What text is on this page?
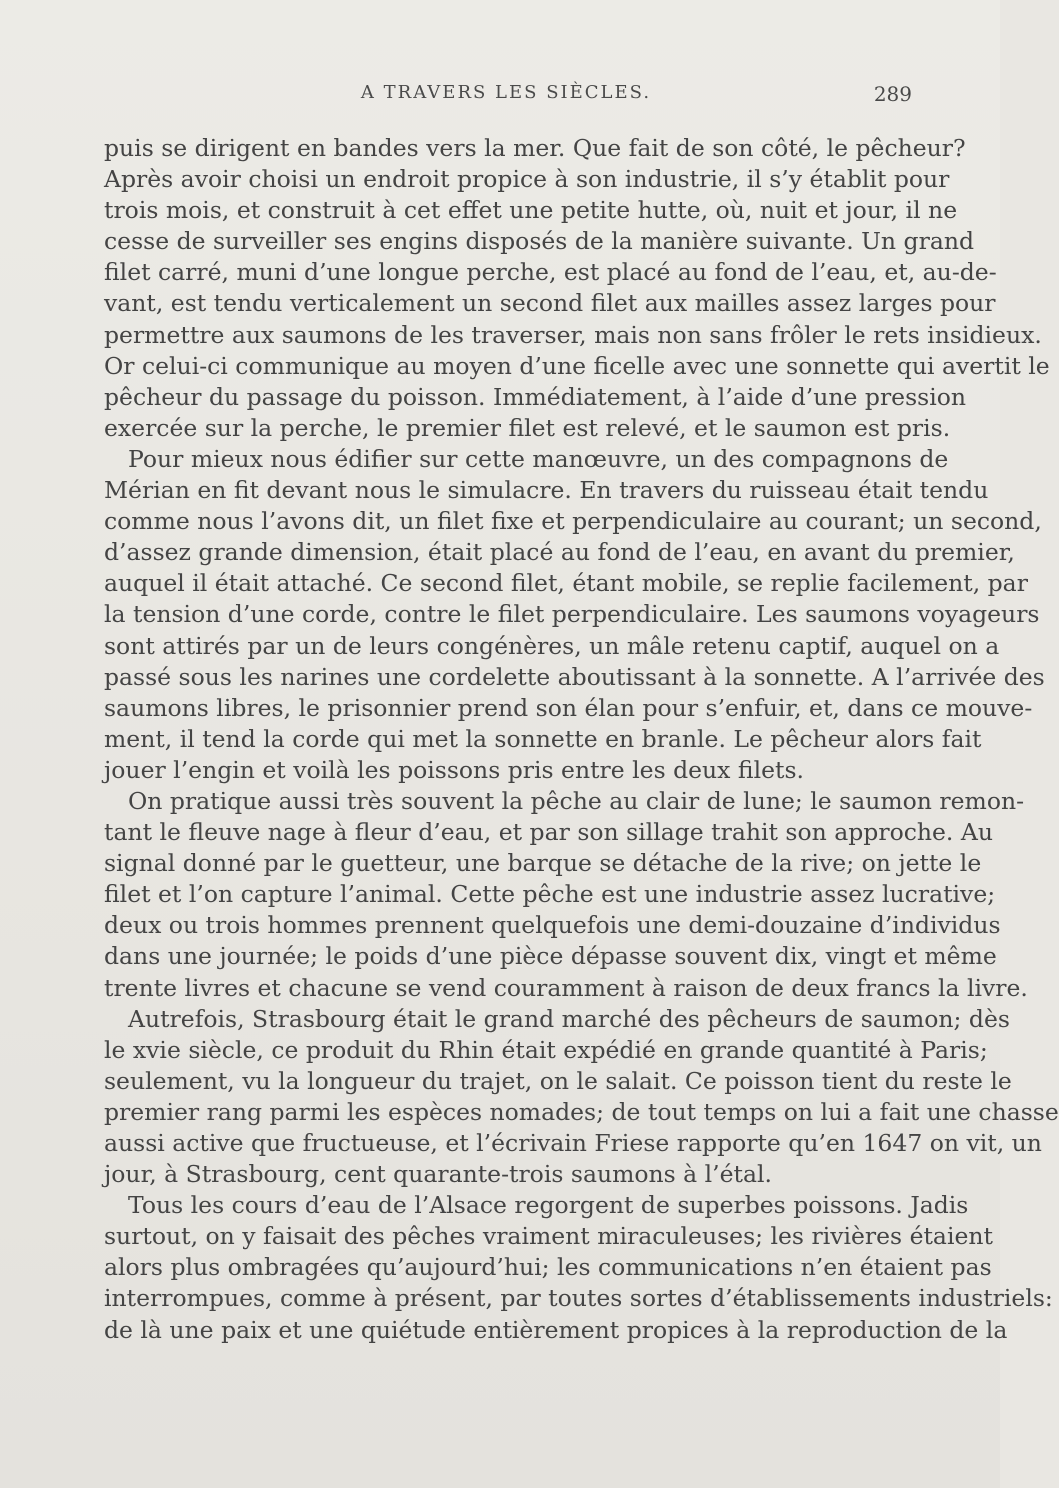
A TRAVERS LES SIÈCLES.	289
puis se dirigent en bandes vers la mer. Que fait de son côté, le pêcheur?
Après avoir choisi un endroit propice à son industrie, il s’y établit pour
trois mois, et construit à cet effet une petite hutte, où, nuit et jour, il ne
cesse de surveiller ses engins disposés de la manière suivante. Un grand
filet carré, muni d’une longue perche, est placé au fond de l’eau, et, au-de-
vant, est tendu verticalement un second filet aux mailles assez larges pour
permettre aux saumons de les traverser, mais non sans frôler le rets insidieux.
Or celui-ci communique au moyen d’une ficelle avec une sonnette qui avertit le
pêcheur du passage du poisson. Immédiatement, à l’aide d’une pression
exercée sur la perche, le premier filet est relevé, et le saumon est pris.
Pour mieux nous édifier sur cette manœuvre, un des compagnons de
Mérian en fit devant nous le simulacre. En travers du ruisseau était tendu
comme nous l’avons dit, un filet fixe et perpendiculaire au courant; un second,
d’assez grande dimension, était placé au fond de l’eau, en avant du premier,
auquel il était attaché. Ce second filet, étant mobile, se replie facilement, par
la tension d’une corde, contre le filet perpendiculaire. Les saumons voyageurs
sont attirés par un de leurs congénères, un mâle retenu captif, auquel on a
passé sous les narines une cordelette aboutissant à la sonnette. A l’arrivée des
saumons libres, le prisonnier prend son élan pour s’enfuir, et, dans ce mouve-
ment, il tend la corde qui met la sonnette en branle. Le pêcheur alors fait
jouer l’engin et voilà les poissons pris entre les deux filets.
On pratique aussi très souvent la pêche au clair de lune; le saumon remon-
tant le fleuve nage à fleur d’eau, et par son sillage trahit son approche. Au
signal donné par le guetteur, une barque se détache de la rive; on jette le
filet et l’on capture l’animal. Cette pêche est une industrie assez lucrative;
deux ou trois hommes prennent quelquefois une demi-douzaine d’individus
dans une journée; le poids d’une pièce dépasse souvent dix, vingt et même
trente livres et chacune se vend couramment à raison de deux francs la livre.
Autrefois, Strasbourg était le grand marché des pêcheurs de saumon; dès
le xvie siècle, ce produit du Rhin était expédié en grande quantité à Paris;
seulement, vu la longueur du trajet, on le salait. Ce poisson tient du reste le
premier rang parmi les espèces nomades; de tout temps on lui a fait une chasse
aussi active que fructueuse, et l’écrivain Friese rapporte qu’en 1647 on vit, un
jour, à Strasbourg, cent quarante-trois saumons à l’étal.
Tous les cours d’eau de l’Alsace regorgent de superbes poissons. Jadis
surtout, on y faisait des pêches vraiment miraculeuses; les rivières étaient
alors plus ombragées qu’aujourd’hui; les communications n’en étaient pas
interrompues, comme à présent, par toutes sortes d’établissements industriels:
de là une paix et une quiétude entièrement propices à la reproduction de la
